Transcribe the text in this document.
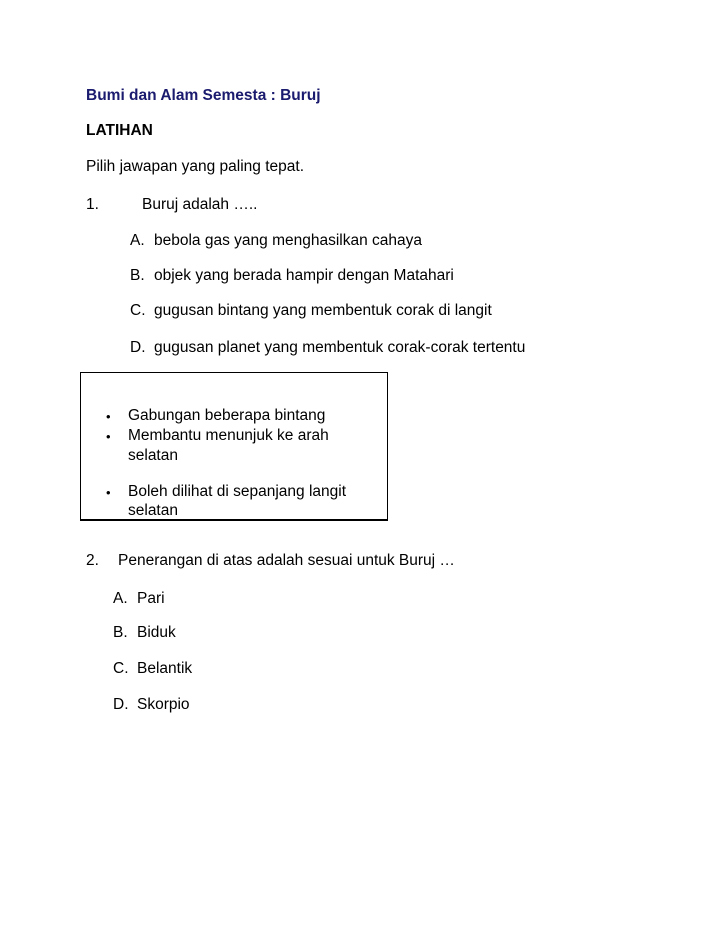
Bumi dan Alam Semesta : Buruj
LATIHAN
Pilih jawapan yang paling tepat.
1.	Buruj adalah …..
A. bebola gas yang menghasilkan cahaya
B. objek yang berada hampir dengan Matahari
C. gugusan bintang yang membentuk corak di langit
D. gugusan planet yang membentuk corak-corak tertentu
• Gabungan beberapa bintang
• Membantu menunjuk ke arah
selatan
• Boleh dilihat di sepanjang langit
selatan
2. Penerangan di atas adalah sesuai untuk Buruj …
A. Pari
B. Biduk
C. Belantik
D. Skorpio
